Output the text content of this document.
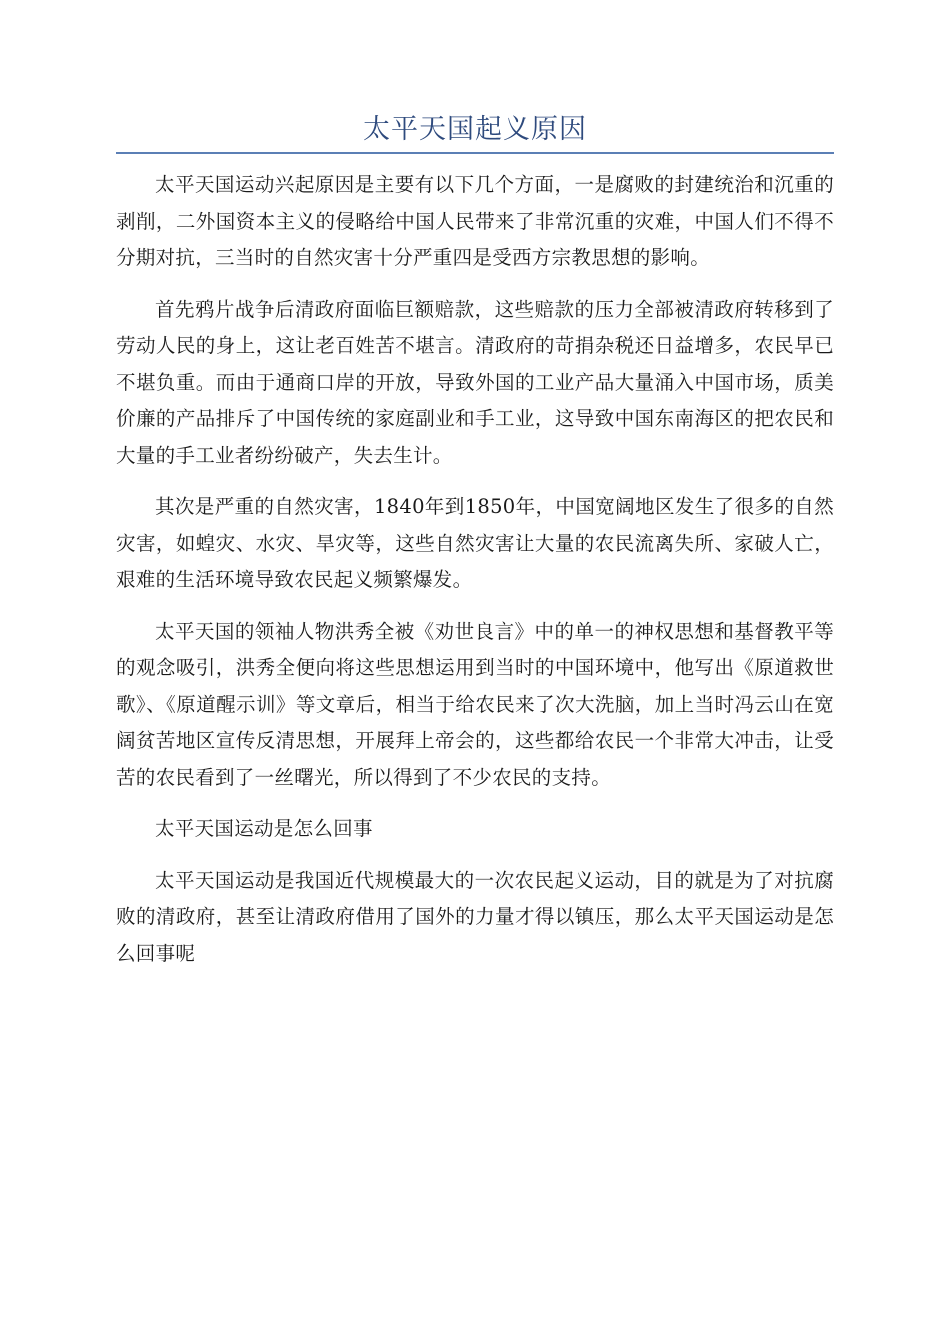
太平天国起义原因

太平天国运动兴起原因是主要有以下几个方面，一是腐败的封建统治和沉重的剥削，二外国资本主义的侵略给中国人民带来了非常沉重的灾难，中国人们不得不分期对抗，三当时的自然灾害十分严重四是受西方宗教思想的影响。

首先鸦片战争后清政府面临巨额赔款，这些赔款的压力全部被清政府转移到了劳动人民的身上，这让老百姓苦不堪言。清政府的苛捐杂税还日益增多，农民早已不堪负重。而由于通商口岸的开放，导致外国的工业产品大量涌入中国市场，质美价廉的产品排斥了中国传统的家庭副业和手工业，这导致中国东南海区的把农民和大量的手工业者纷纷破产，失去生计。

其次是严重的自然灾害，1840年到1850年，中国宽阔地区发生了很多的自然灾害，如蝗灾、水灾、旱灾等，这些自然灾害让大量的农民流离失所、家破人亡，艰难的生活环境导致农民起义频繁爆发。

太平天国的领袖人物洪秀全被《劝世良言》中的单一的神权思想和基督教平等的观念吸引，洪秀全便向将这些思想运用到当时的中国环境中，他写出《原道救世歌》、《原道醒示训》等文章后，相当于给农民来了次大洗脑，加上当时冯云山在宽阔贫苦地区宣传反清思想，开展拜上帝会的，这些都给农民一个非常大冲击，让受苦的农民看到了一丝曙光，所以得到了不少农民的支持。

太平天国运动是怎么回事

太平天国运动是我国近代规模最大的一次农民起义运动，目的就是为了对抗腐败的清政府，甚至让清政府借用了国外的力量才得以镇压，那么太平天国运动是怎么回事呢
